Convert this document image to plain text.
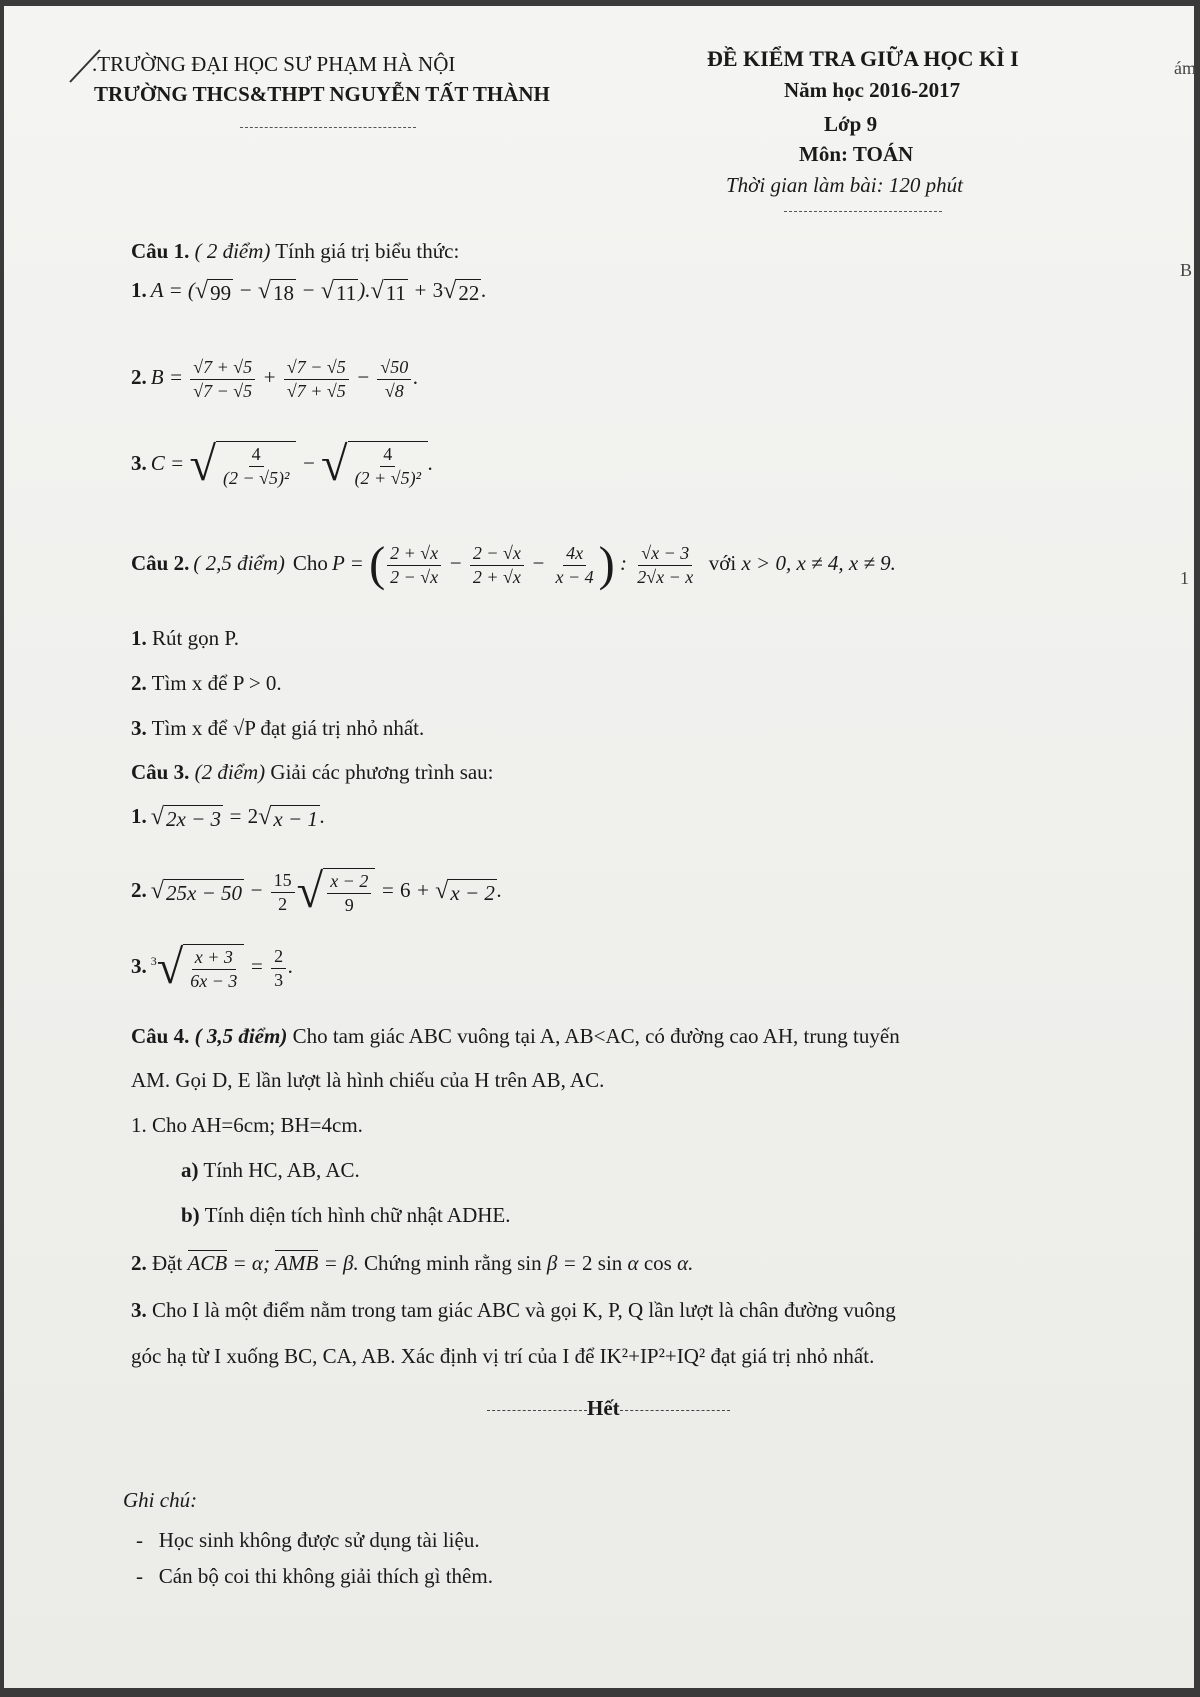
.TRƯỜNG ĐẠI HỌC SƯ PHẠM HÀ NỘI
TRƯỜNG THCS&THPT NGUYỄN TẤT THÀNH
ĐỀ KIỂM TRA GIỮA HỌC KÌ I
Năm học 2016-2017
Lớp 9
Môn: TOÁN
Thời gian làm bài: 120 phút
ám
B
1
Câu 1. ( 2 điểm) Tính giá trị biểu thức:
1. A = ( √ 99 − √ 18 − √ 11 ). √ 11 + 3 √ 22 .
2. $B = \frac{√7 + √5}{√7 - √5} + \frac{√7 - √5}{√7 + √5} - \frac{√50}{√8}$ .
3. C = √ $\frac{4}{\text{(2 − √5)²}}$ − √ $\frac{4}{\text{(2 + √5)²}}$ .
Câu 2. ( 2,5 điểm) Cho P = ( $\frac{2 + √x}{2 - √x} - \frac{2 - √x}{2 + √x} - \frac{4x}{x - 4}$ ) : $\frac{√x - 3}{2√x - x}$ với x > 0, x ≠ 4, x ≠ 9.
1. Rút gọn P.
2. Tìm x để P > 0.
3. Tìm x để √P đạt giá trị nhỏ nhất.
Câu 3. (2 điểm) Giải các phương trình sau:
1. √ 2x − 3 = 2 √ x − 1 .
2. √ $25x - 50 - \frac{15}{2}$ √ $\frac{x - 2}{9} = 6$ + √ x − 2 .
3. $^3$ √ $\frac{x + 3}{6x - 3} = \frac{2}{3}$ .
Câu 4. ( 3,5 điểm) Cho tam giác ABC vuông tại A, AB<AC, có đường cao AH, trung tuyến
AM. Gọi D, E lần lượt là hình chiếu của H trên AB, AC.
1. Cho AH=6cm; BH=4cm.
a) Tính HC, AB, AC.
b) Tính diện tích hình chữ nhật ADHE.
2. Đặt ACB = α; AMB = β. Chứng minh rằng sin β = 2 sin α cos α.
3. Cho I là một điểm nằm trong tam giác ABC và gọi K, P, Q lần lượt là chân đường vuông
góc hạ từ I xuống BC, CA, AB. Xác định vị trí của I để IK²+IP²+IQ² đạt giá trị nhỏ nhất.
Hết
Ghi chú:
-   Học sinh không được sử dụng tài liệu.
-   Cán bộ coi thi không giải thích gì thêm.
